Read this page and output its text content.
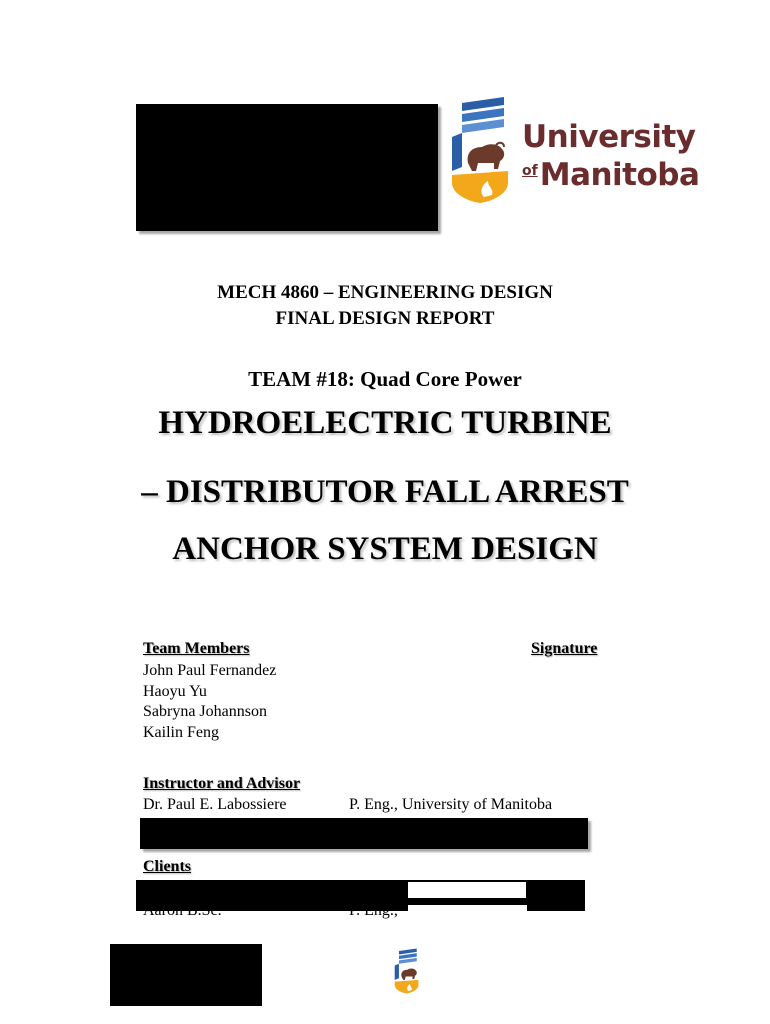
University
of Manitoba
MECH 4860 – ENGINEERING DESIGN
FINAL DESIGN REPORT
TEAM #18: Quad Core Power
HYDROELECTRIC TURBINE
– DISTRIBUTOR FALL ARREST
ANCHOR SYSTEM DESIGN
Team Members	Signature
John Paul Fernandez
Haoyu Yu
Sabryna Johannson
Kailin Feng
Instructor and Advisor
Dr. Paul E. Labossiere	P. Eng., University of Manitoba
Clients
